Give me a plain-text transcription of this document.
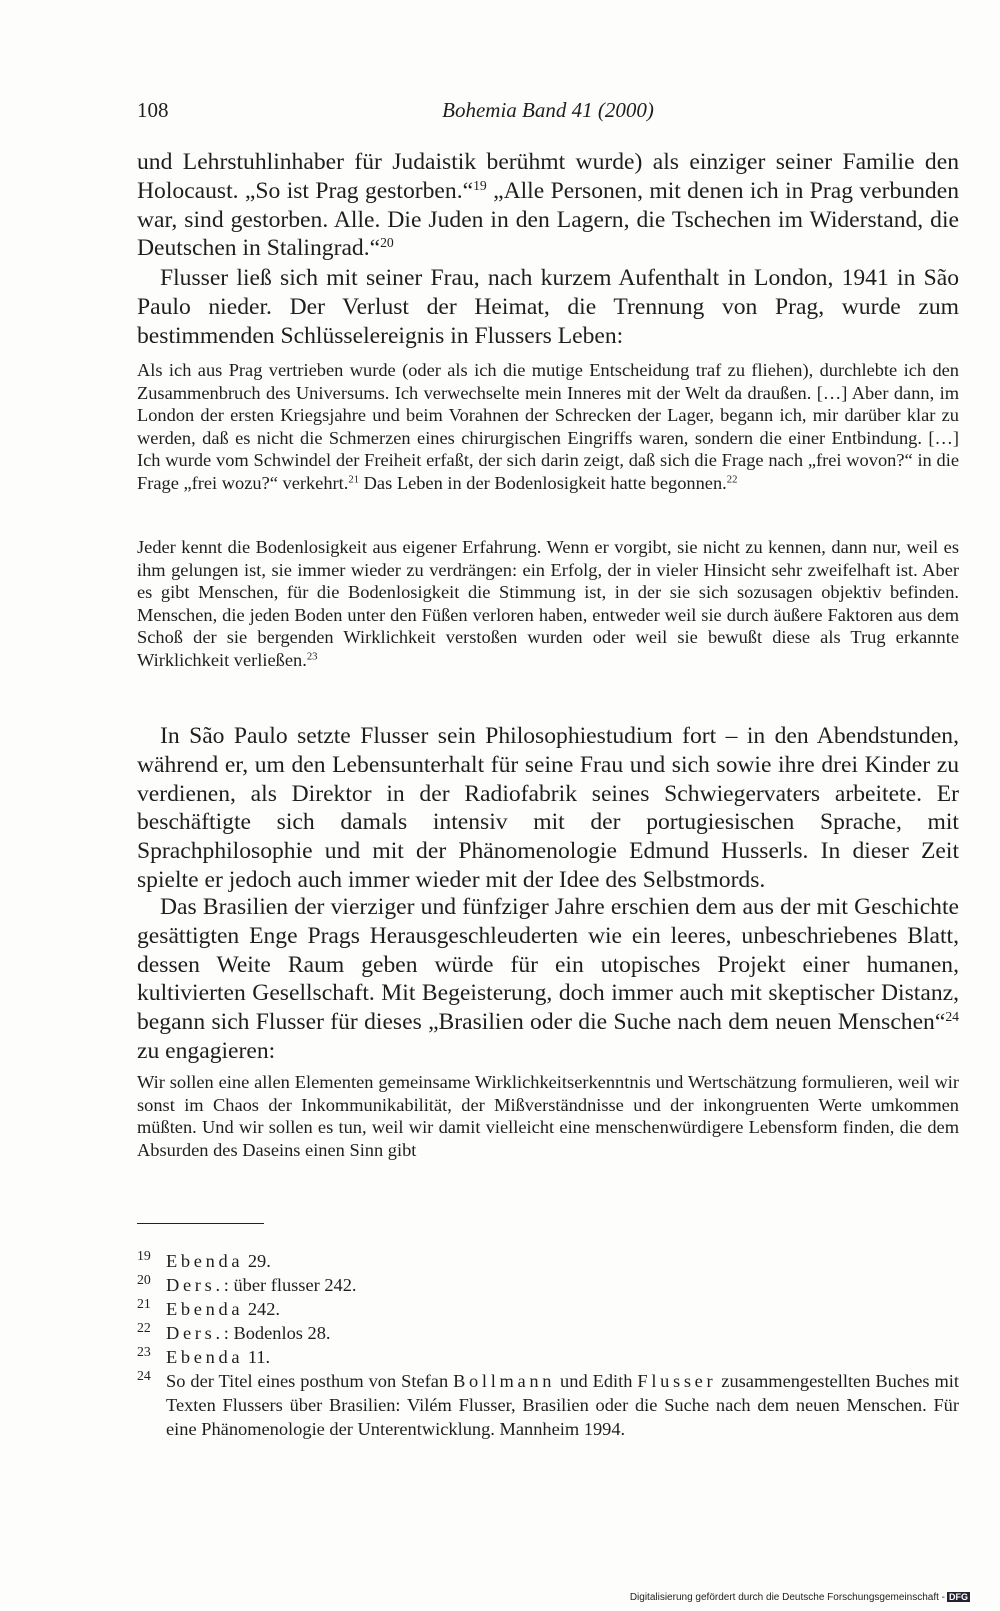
108	Bohemia Band 41 (2000)

und Lehrstuhlinhaber für Judaistik berühmt wurde) als einziger seiner Familie den Holocaust. „So ist Prag gestorben.“$^{19}$ „Alle Personen, mit denen ich in Prag verbunden war, sind gestorben. Alle. Die Juden in den Lagern, die Tschechen im Widerstand, die Deutschen in Stalingrad.“$^{20}$

Flusser ließ sich mit seiner Frau, nach kurzem Aufenthalt in London, 1941 in São Paulo nieder. Der Verlust der Heimat, die Trennung von Prag, wurde zum bestimmenden Schlüsselereignis in Flussers Leben:

Als ich aus Prag vertrieben wurde (oder als ich die mutige Entscheidung traf zu fliehen), durchlebte ich den Zusammenbruch des Universums. Ich verwechselte mein Inneres mit der Welt da draußen. […] Aber dann, im London der ersten Kriegsjahre und beim Vorahnen der Schrecken der Lager, begann ich, mir darüber klar zu werden, daß es nicht die Schmerzen eines chirurgischen Eingriffs waren, sondern die einer Entbindung. […] Ich wurde vom Schwindel der Freiheit erfaßt, der sich darin zeigt, daß sich die Frage nach „frei wovon?“ in die Frage „frei wozu?“ verkehrt.$^{21}$ Das Leben in der Bodenlosigkeit hatte begonnen.$^{22}$

Jeder kennt die Bodenlosigkeit aus eigener Erfahrung. Wenn er vorgibt, sie nicht zu kennen, dann nur, weil es ihm gelungen ist, sie immer wieder zu verdrängen: ein Erfolg, der in vieler Hinsicht sehr zweifelhaft ist. Aber es gibt Menschen, für die Bodenlosigkeit die Stimmung ist, in der sie sich sozusagen objektiv befinden. Menschen, die jeden Boden unter den Füßen verloren haben, entweder weil sie durch äußere Faktoren aus dem Schoß der sie bergenden Wirklichkeit verstoßen wurden oder weil sie bewußt diese als Trug erkannte Wirklichkeit verließen.$^{23}$

In São Paulo setzte Flusser sein Philosophiestudium fort – in den Abendstunden, während er, um den Lebensunterhalt für seine Frau und sich sowie ihre drei Kinder zu verdienen, als Direktor in der Radiofabrik seines Schwiegervaters arbeitete. Er beschäftigte sich damals intensiv mit der portugiesischen Sprache, mit Sprachphilosophie und mit der Phänomenologie Edmund Husserls. In dieser Zeit spielte er jedoch auch immer wieder mit der Idee des Selbstmords.

Das Brasilien der vierziger und fünfziger Jahre erschien dem aus der mit Geschichte gesättigten Enge Prags Herausgeschleuderten wie ein leeres, unbeschriebenes Blatt, dessen Weite Raum geben würde für ein utopisches Projekt einer humanen, kultivierten Gesellschaft. Mit Begeisterung, doch immer auch mit skeptischer Distanz, begann sich Flusser für dieses „Brasilien oder die Suche nach dem neuen Menschen“$^{24}$ zu engagieren:

Wir sollen eine allen Elementen gemeinsame Wirklichkeitserkenntnis und Wertschätzung formulieren, weil wir sonst im Chaos der Inkommunikabilität, der Mißverständnisse und der inkongruenten Werte umkommen müßten. Und wir sollen es tun, weil wir damit vielleicht eine menschenwürdigere Lebensform finden, die dem Absurden des Daseins einen Sinn gibt

19 Ebenda 29.
20 Ders.: über flusser 242.
21 Ebenda 242.
22 Ders.: Bodenlos 28.
23 Ebenda 11.
24 So der Titel eines posthum von Stefan Bollmann und Edith Flusser zusammengestellten Buches mit Texten Flussers über Brasilien: Vilém Flusser, Brasilien oder die Suche nach dem neuen Menschen. Für eine Phänomenologie der Unterentwicklung. Mannheim 1994.
Digitalisierung gefördert durch die Deutsche Forschungsgemeinschaft - DFG
